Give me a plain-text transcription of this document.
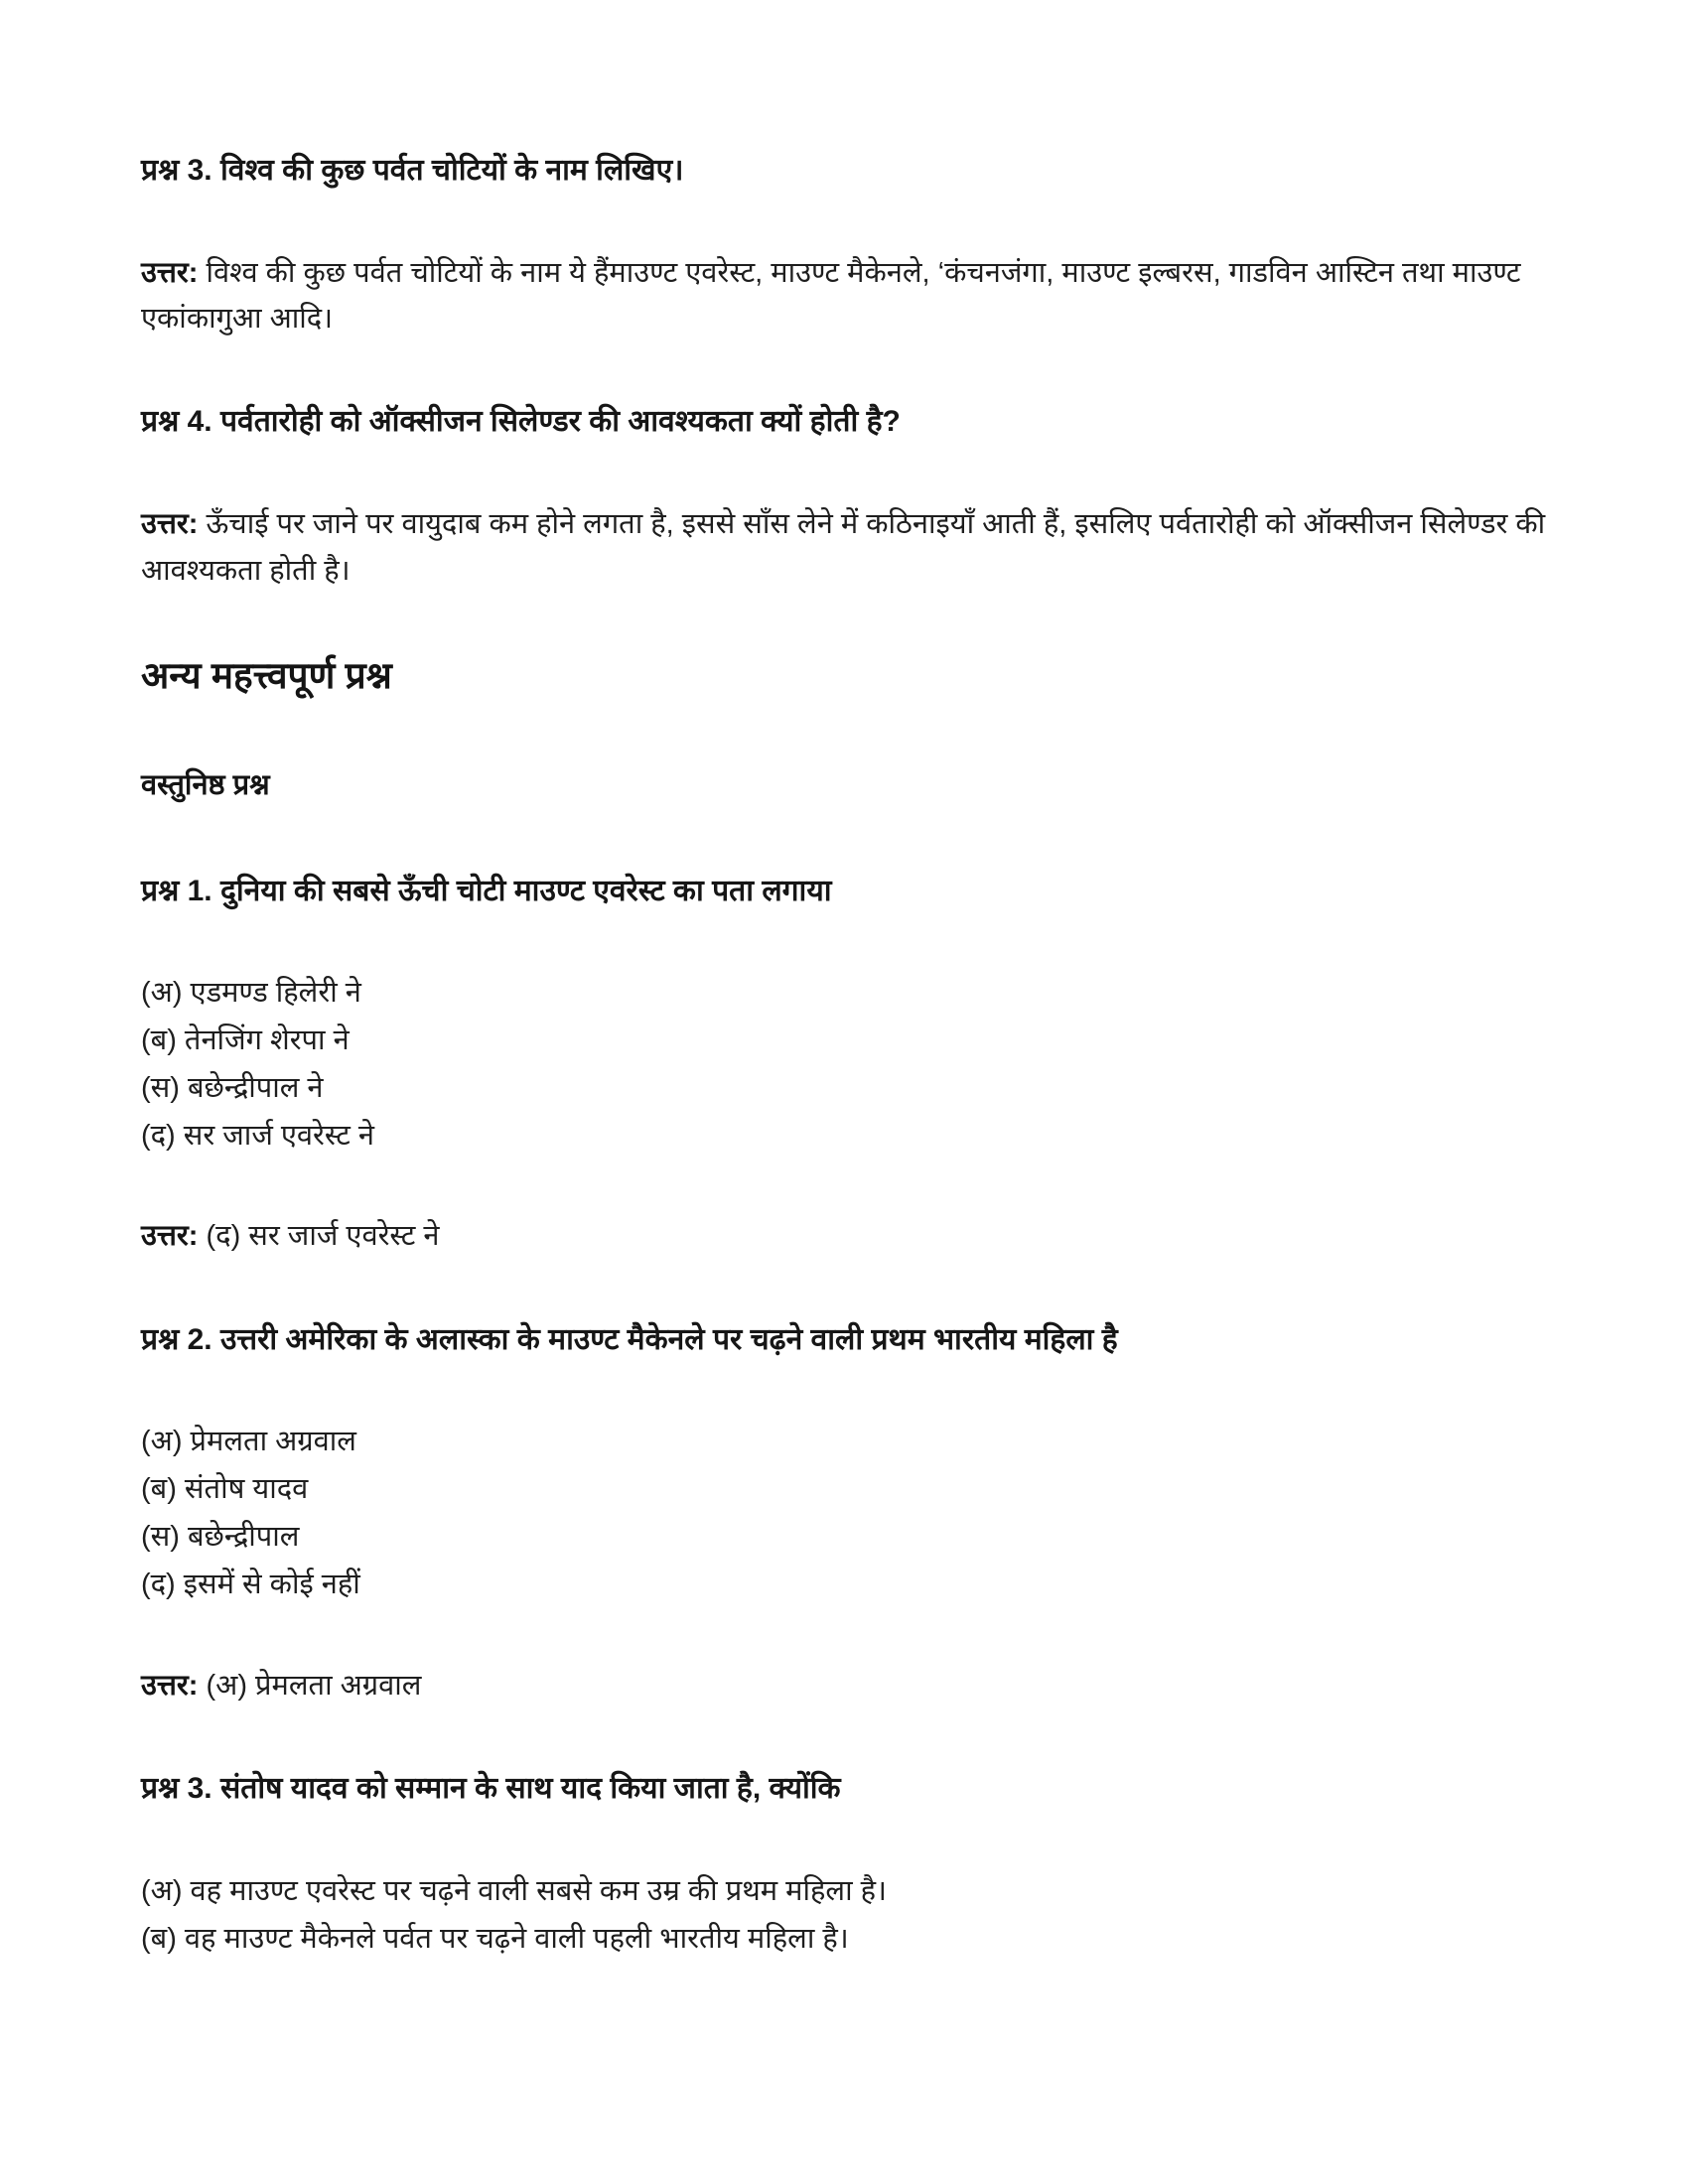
प्रश्न 3. विश्व की कुछ पर्वत चोटियों के नाम लिखिए।

उत्तर: विश्व की कुछ पर्वत चोटियों के नाम ये हैंमाउण्ट एवरेस्ट, माउण्ट मैकेनले, ‘कंचनजंगा, माउण्ट इल्बरस, गाडविन आस्टिन तथा माउण्ट एकांकागुआ आदि।

प्रश्न 4. पर्वतारोही को ऑक्सीजन सिलेण्डर की आवश्यकता क्यों होती है?

उत्तर: ऊँचाई पर जाने पर वायुदाब कम होने लगता है, इससे साँस लेने में कठिनाइयाँ आती हैं, इसलिए पर्वतारोही को ऑक्सीजन सिलेण्डर की आवश्यकता होती है।

अन्य महत्त्वपूर्ण प्रश्न
वस्तुनिष्ठ प्रश्न
प्रश्न 1. दुनिया की सबसे ऊँची चोटी माउण्ट एवरेस्ट का पता लगाया
(अ) एडमण्ड हिलेरी ने
(ब) तेनजिंग शेरपा ने
(स) बछेन्द्रीपाल ने
(द) सर जार्ज एवरेस्ट ने

उत्तर: (द) सर जार्ज एवरेस्ट ने

प्रश्न 2. उत्तरी अमेरिका के अलास्का के माउण्ट मैकेनले पर चढ़ने वाली प्रथम भारतीय महिला है
(अ) प्रेमलता अग्रवाल
(ब) संतोष यादव
(स) बछेन्द्रीपाल
(द) इसमें से कोई नहीं

उत्तर: (अ) प्रेमलता अग्रवाल

प्रश्न 3. संतोष यादव को सम्मान के साथ याद किया जाता है, क्योंकि
(अ) वह माउण्ट एवरेस्ट पर चढ़ने वाली सबसे कम उम्र की प्रथम महिला है।
(ब) वह माउण्ट मैकेनले पर्वत पर चढ़ने वाली पहली भारतीय महिला है।
